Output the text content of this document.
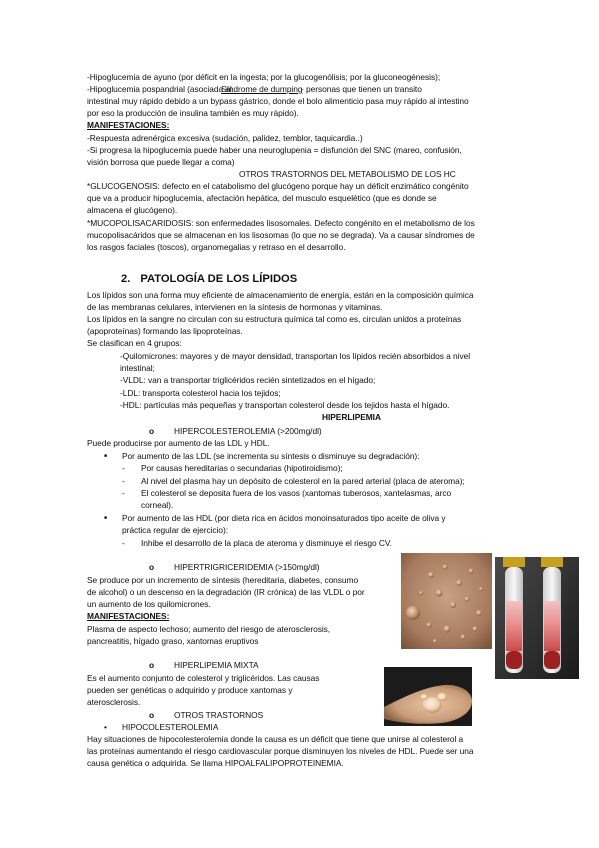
-Hipoglucemia de ayuno (por déficit en la ingesta; por la glucogenólisis; por la gluconeogénesis);
-Hipoglucemia pospandrial (asociada al
Síndrome de dumping
- personas que tienen un transito
intestinal muy rápido debido a un bypass gástrico, donde el bolo alimenticio pasa muy rápido al intestino
por eso la producción de insulina también es muy rápido).
MANIFESTACIONES:
-Respuesta adrenérgica excesiva (sudación, palidez, temblor, taquicardia..)
-Si progresa la hipoglucemia puede haber una neuroglupenia = disfunción del SNC (mareo, confusión,
visión borrosa que puede llegar a coma)
OTROS TRASTORNOS DEL METABOLISMO DE LOS HC
*GLUCOGENOSIS: defecto en el catabolismo del glucógeno porque hay un déficit enzimático congénito
que va a producir hipoglucemia, afectación hepática, del musculo esquelético (que es donde se
almacena el glucógeno).
*MUCOPOLISACARIDOSIS: son enfermedades lisosomales. Defecto congénito en el metabolismo de los
mucopolisacáridos que se almacenan en los lisosomas (lo que no se degrada). Va a causar síndromes de
los rasgos faciales (toscos), organomegalias y retraso en el desarrollo.
Los lípidos son una forma muy eficiente de almacenamiento de energía, están en la composición química
de las membranas celulares, intervienen en la síntesis de hormonas y vitaminas.
Los lípidos en la sangre no circulan con su estructura química tal como es, circulan unidos a proteínas
(apoproteínas) formando las lipoproteínas.
Se clasifican en 4 grupos:
-Quilomicrones: mayores y de mayor densidad, transportan los lípidos recién absorbidos a nivel
intestinal;
-VLDL: van a transportar triglicéridos recién sintetizados en el hígado;
-LDL: transporta colesterol hacia los tejidos;
-HDL: partículas más pequeñas y transportan colesterol desde los tejidos hasta el hígado.
HIPERLIPEMIA
o HIPERCOLESTEROLEMIA (>200mg/dl)
Puede producirse por aumento de las LDL y HDL.
■ Por aumento de las LDL (se incrementa su síntesis o disminuye su degradación):
- Por causas hereditarias o secundarias (hipotiroidismo);
- Al nivel del plasma hay un depósito de colesterol en la pared arterial (placa de ateroma);
- El colesterol se deposita fuera de los vasos (xantomas tuberosos, xantelasmas, arco
corneal).
■ Por aumento de las HDL (por dieta rica en ácidos monoinsaturados tipo aceite de oliva y
práctica regular de ejercicio):
- Inhibe el desarrollo de la placa de ateroma y disminuye el riesgo CV.
o HIPERTRIGRICERIDEMIA (>150mg/dl)
Se produce por un incremento de síntesis (hereditaria, diabetes, consumo
de alcohol) o un descenso en la degradación (IR crónica) de las VLDL o por
un aumento de los quilomicrones.
MANIFESTACIONES:
Plasma de aspecto lechoso; aumento del riesgo de aterosclerosis,
pancreatitis, hígado graso, xantomas eruptivos
o HIPERLIPEMIA MIXTA
Es el aumento conjunto de colesterol y triglicéridos. Las causas
pueden ser genéticas o adquirido y produce xantomas y
aterosclerosis.
o OTROS TRASTORNOS
• HIPOCOLESTEROLEMIA
Hay situaciones de hipocolesterolemia donde la causa es un déficit que tiene que unirse al colesterol a
las proteínas aumentando el riesgo cardiovascular porque disminuyen los niveles de HDL. Puede ser una
causa genética o adquirida. Se llama HIPOALFALIPOPROTEINEMIA.
2. PATOLOGÍA DE LOS LÍPIDOS
